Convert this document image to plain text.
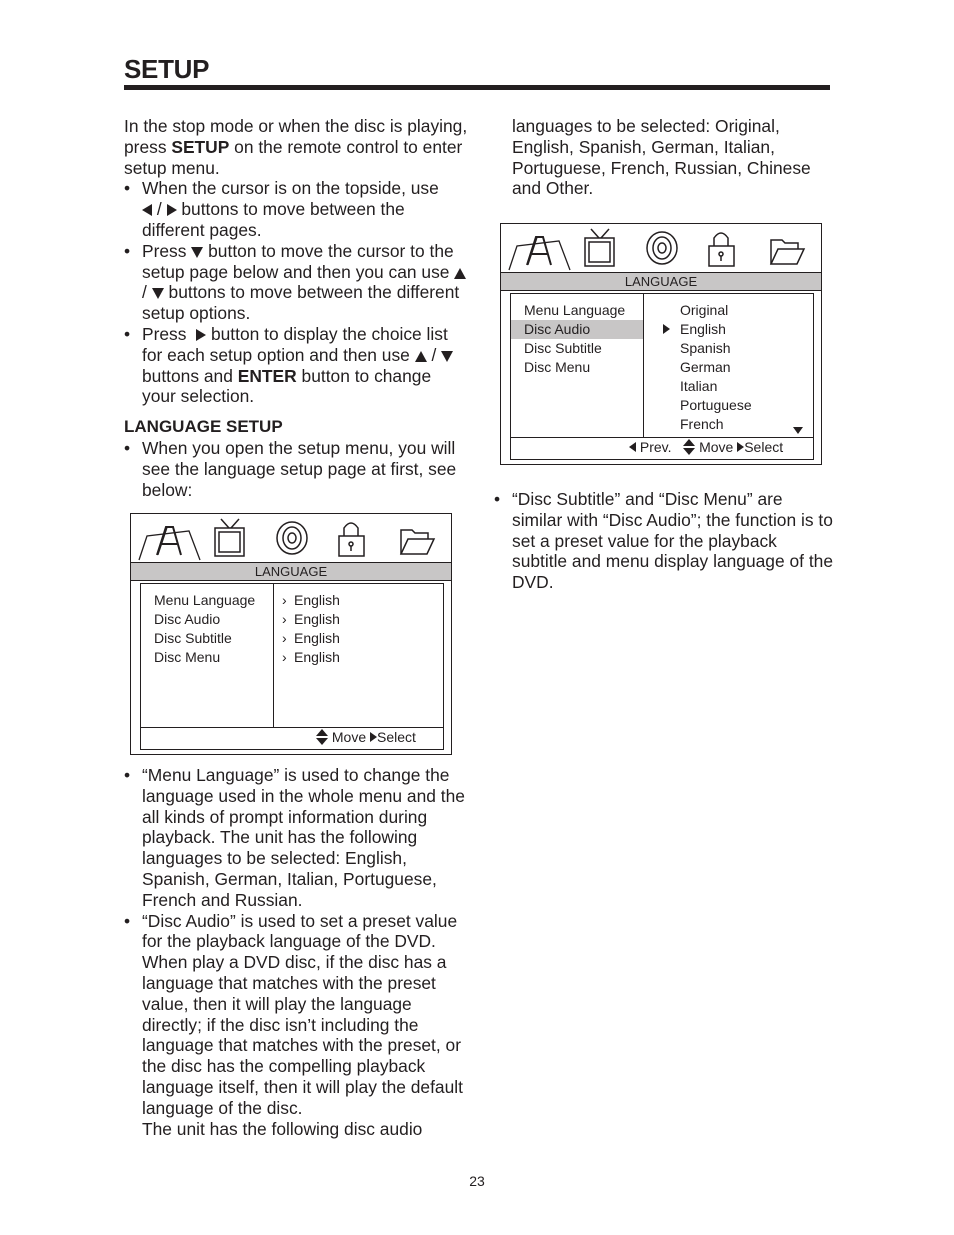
SETUP

In the stop mode or when the disc is playing, press SETUP on the remote control to enter setup menu.

• When the cursor is on the topside, use
/ buttons to move between the different pages.
• Press button to move the cursor to the setup page below and then you can use  / buttons to move between the different setup options.
• Press button to display the choice list for each setup option and then use /  buttons and ENTER button to change your selection.

LANGUAGE SETUP

• When you open the setup menu, you will see the language setup page at first, see below:
LANGUAGE
Menu Language
Disc Audio
Disc Subtitle
Disc Menu
› English
› English
› English
› English
Move Select
• “Menu Language” is used to change the language used in the whole menu and the all kinds of prompt information during playback. The unit has the following languages to be selected: English, Spanish, German, Italian, Portuguese, French and Russian.
• “Disc Audio” is used to set a preset value for the playback language of the DVD. When play a DVD disc, if the disc has a language that matches with the preset value, then it will play the language directly; if the disc isn’t including the language that matches with the preset, or the disc has the compelling playback language itself, then it will play the default language of the disc.

The unit has the following disc audio

languages to be selected: Original, English, Spanish, German, Italian, Portuguese, French, Russian, Chinese and Other.

LANGUAGE
Menu Language
Disc Audio
Disc Subtitle
Disc Menu
Original
English
Spanish
German
Italian
Portuguese
French
Prev. Move Select
• “Disc Subtitle” and “Disc Menu” are similar with “Disc Audio”; the function is to set a preset value for the playback subtitle and menu display language of the DVD.
23
